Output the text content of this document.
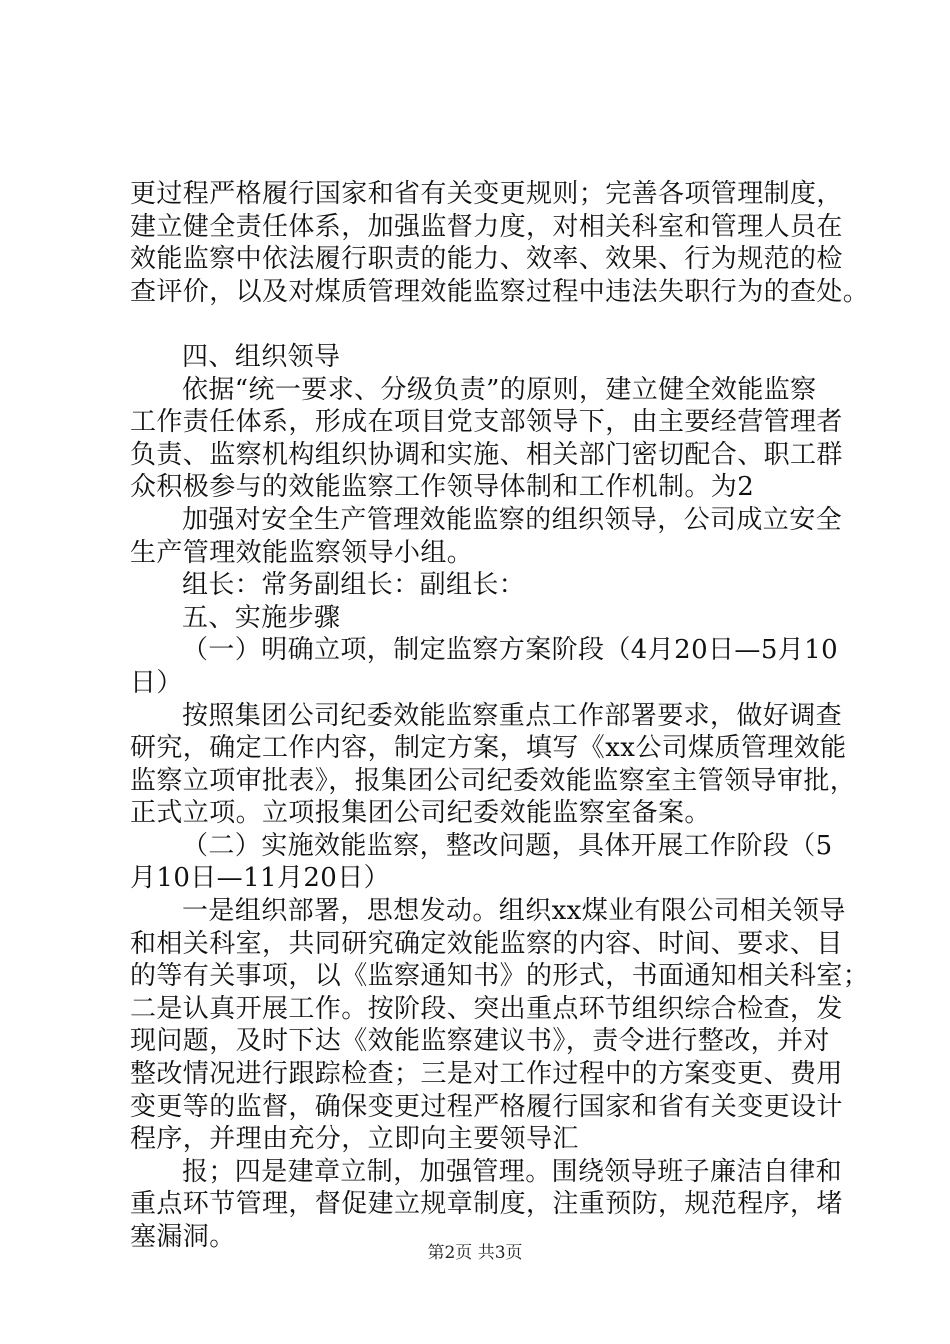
更过程严格履行国家和省有关变更规则；完善各项管理制度，
建立健全责任体系，加强监督力度，对相关科室和管理人员在
效能监察中依法履行职责的能力、效率、效果、行为规范的检
查评价，以及对煤质管理效能监察过程中违法失职行为的查处。
四、组织领导
依据“统一要求、分级负责”的原则，建立健全效能监察
工作责任体系，形成在项目党支部领导下，由主要经营管理者
负责、监察机构组织协调和实施、相关部门密切配合、职工群
众积极参与的效能监察工作领导体制和工作机制。为2
加强对安全生产管理效能监察的组织领导，公司成立安全
生产管理效能监察领导小组。
组长：常务副组长：副组长：
五、实施步骤
（一）明确立项，制定监察方案阶段（4月20日—5月10
日）
按照集团公司纪委效能监察重点工作部署要求，做好调查
研究，确定工作内容，制定方案，填写《xx公司煤质管理效能
监察立项审批表》，报集团公司纪委效能监察室主管领导审批，
正式立项。立项报集团公司纪委效能监察室备案。
（二）实施效能监察，整改问题，具体开展工作阶段（5
月10日—11月20日）
一是组织部署，思想发动。组织xx煤业有限公司相关领导
和相关科室，共同研究确定效能监察的内容、时间、要求、目
的等有关事项，以《监察通知书》的形式，书面通知相关科室；
二是认真开展工作。按阶段、突出重点环节组织综合检查，发
现问题，及时下达《效能监察建议书》，责令进行整改，并对
整改情况进行跟踪检查；三是对工作过程中的方案变更、费用
变更等的监督，确保变更过程严格履行国家和省有关变更设计
程序，并理由充分，立即向主要领导汇
报；四是建章立制，加强管理。围绕领导班子廉洁自律和
重点环节管理，督促建立规章制度，注重预防，规范程序，堵
塞漏洞。
第2页 共3页
